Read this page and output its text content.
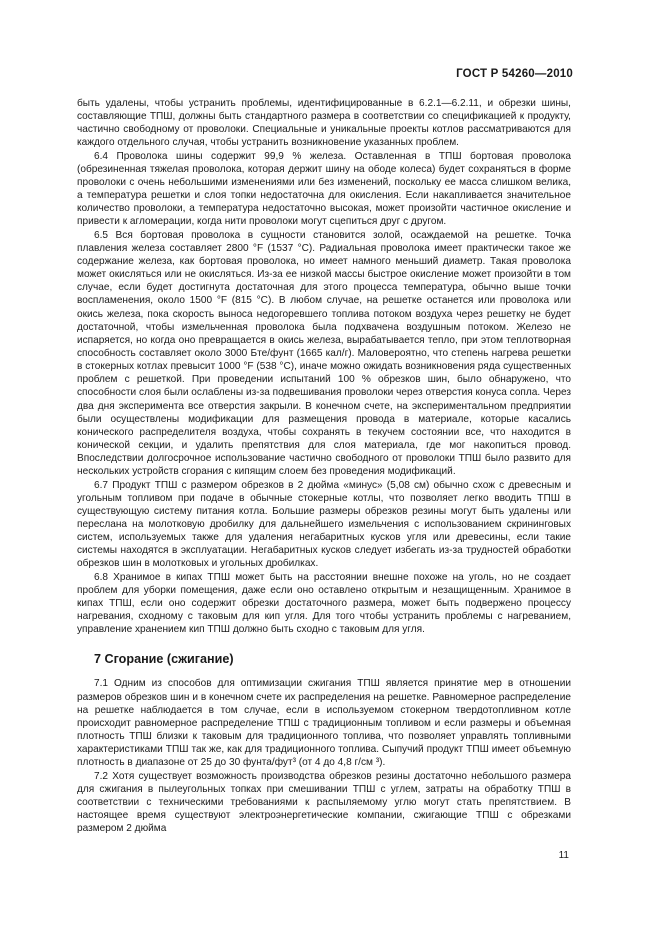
ГОСТ Р 54260—2010

быть удалены, чтобы устранить проблемы, идентифицированные в 6.2.1—6.2.11, и обрезки шины, составляющие ТПШ, должны быть стандартного размера в соответствии со спецификацией к продукту, частично свободному от проволоки. Специальные и уникальные проекты котлов рассматриваются для каждого отдельного случая, чтобы устранить возникновение указанных проблем.

6.4 Проволока шины содержит 99,9 % железа. Оставленная в ТПШ бортовая проволока (обрезиненная тяжелая проволока, которая держит шину на ободе колеса) будет сохраняться в форме проволоки с очень небольшими изменениями или без изменений, поскольку ее масса слишком велика, а температура решетки и слоя топки недостаточна для окисления. Если накапливается значительное количество проволоки, а температура недостаточно высокая, может произойти частичное окисление и привести к агломерации, когда нити проволоки могут сцепиться друг с другом.

6.5 Вся бортовая проволока в сущности становится золой, осаждаемой на решетке. Точка плавления железа составляет 2800 °F (1537 °C). Радиальная проволока имеет практически такое же содержание железа, как бортовая проволока, но имеет намного меньший диаметр. Такая проволока может окисляться или не окисляться. Из-за ее низкой массы быстрое окисление может произойти в том случае, если будет достигнута достаточная для этого процесса температура, обычно выше точки воспламенения, около 1500 °F (815 °C). В любом случае, на решетке останется или проволока или окись железа, пока скорость выноса недогоревшего топлива потоком воздуха через решетку не будет достаточной, чтобы измельченная проволока была подхвачена воздушным потоком. Железо не испаряется, но когда оно превращается в окись железа, вырабатывается тепло, при этом теплотворная способность составляет около 3000 Бте/фунт (1665 кал/г). Маловероятно, что степень нагрева решетки в стокерных котлах превысит 1000 °F (538 °C), иначе можно ожидать возникновения ряда существенных проблем с решеткой. При проведении испытаний 100 % обрезков шин, было обнаружено, что способности слоя были ослаблены из-за подвешивания проволоки через отверстия конуса сопла. Через два дня эксперимента все отверстия закрыли. В конечном счете, на экспериментальном предприятии были осуществлены модификации для размещения провода в материале, которые касались конического распределителя воздуха, чтобы сохранять в текучем состоянии все, что находится в конической секции, и удалить препятствия для слоя материала, где мог накопиться провод. Впоследствии долгосрочное использование частично свободного от проволоки ТПШ было развито для нескольких устройств сгорания с кипящим слоем без проведения модификаций.

6.7 Продукт ТПШ с размером обрезков в 2 дюйма «минус» (5,08 см) обычно схож с древесным и угольным топливом при подаче в обычные стокерные котлы, что позволяет легко вводить ТПШ в существующую систему питания котла. Большие размеры обрезков резины могут быть удалены или переслана на молотковую дробилку для дальнейшего измельчения с использованием скрининговых систем, используемых также для удаления негабаритных кусков угля или древесины, если такие системы находятся в эксплуатации. Негабаритных кусков следует избегать из-за трудностей обработки обрезков шин в молотковых и угольных дробилках.

6.8 Хранимое в кипах ТПШ может быть на расстоянии внешне похоже на уголь, но не создает проблем для уборки помещения, даже если оно оставлено открытым и незащищенным. Хранимое в кипах ТПШ, если оно содержит обрезки достаточного размера, может быть подвержено процессу нагревания, сходному с таковым для кип угля. Для того чтобы устранить проблемы с нагреванием, управление хранением кип ТПШ должно быть сходно с таковым для угля.

7 Сгорание (сжигание)

7.1 Одним из способов для оптимизации сжигания ТПШ является принятие мер в отношении размеров обрезков шин и в конечном счете их распределения на решетке. Равномерное распределение на решетке наблюдается в том случае, если в используемом стокерном твердотопливном котле происходит равномерное распределение ТПШ с традиционным топливом и если размеры и объемная плотность ТПШ близки к таковым для традиционного топлива, что позволяет управлять топливными характеристиками ТПШ так же, как для традиционного топлива. Сыпучий продукт ТПШ имеет объемную плотность в диапазоне от 25 до 30 фунта/фут³ (от 4 до 4,8 г/см ³).

7.2 Хотя существует возможность производства обрезков резины достаточно небольшого размера для сжигания в пылеугольных топках при смешивании ТПШ с углем, затраты на обработку ТПШ в соответствии с техническими требованиями к распыляемому углю могут стать препятствием. В настоящее время существуют электроэнергетические компании, сжигающие ТПШ с обрезками размером 2 дюйма

11
